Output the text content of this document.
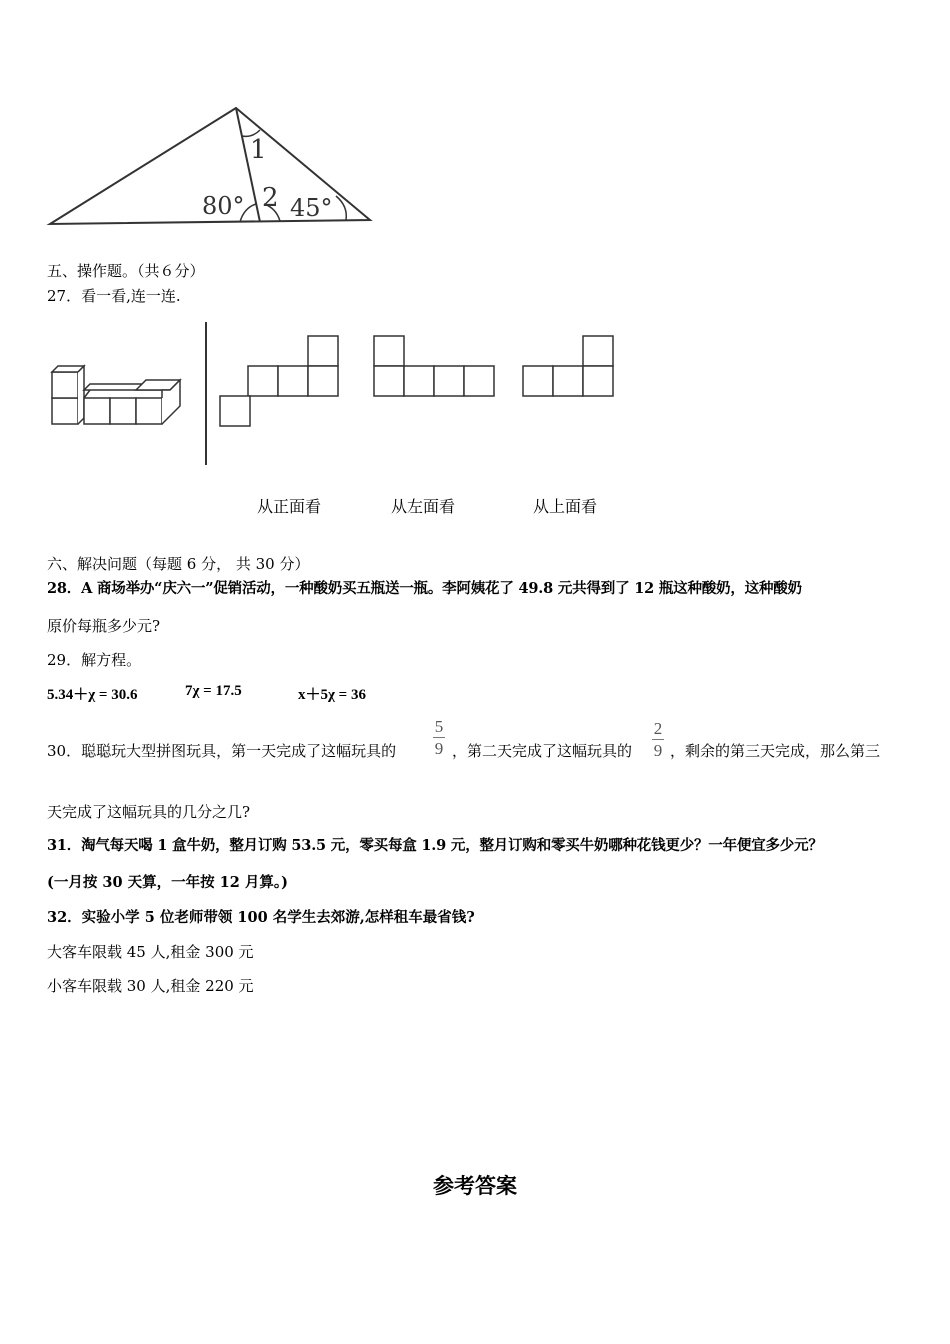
1
80° 2 45°
五、操作题。（共６分）
27．看一看,连一连.
从正面看	从左面看	从上面看
六、解决问题（每题 6 分， 共 30 分）
28．A 商场举办“庆六一”促销活动，一种酸奶买五瓶送一瓶。李阿姨花了 49.8 元共得到了 12 瓶这种酸奶，这种酸奶
原价每瓶多少元?
29．解方程。
5.34＋χ = 30.6	7χ = 17.5	x＋5χ = 36
30．聪聪玩大型拼图玩具，第一天完成了这幅玩具的
5
9 ，第二天完成了这幅玩具的
2
9 ，剩余的第三天完成，那么第三
天完成了这幅玩具的几分之几?
31．淘气每天喝 1 盒牛奶，整月订购 53.5 元，零买每盒 1.9 元，整月订购和零买牛奶哪种花钱更少？一年便宜多少元？
(一月按 30 天算，一年按 12 月算。)
32．实验小学 5 位老师带领 100 名学生去郊游,怎样租车最省钱?
大客车限载 45 人,租金 300 元
小客车限载 30 人,租金 220 元
参考答案
